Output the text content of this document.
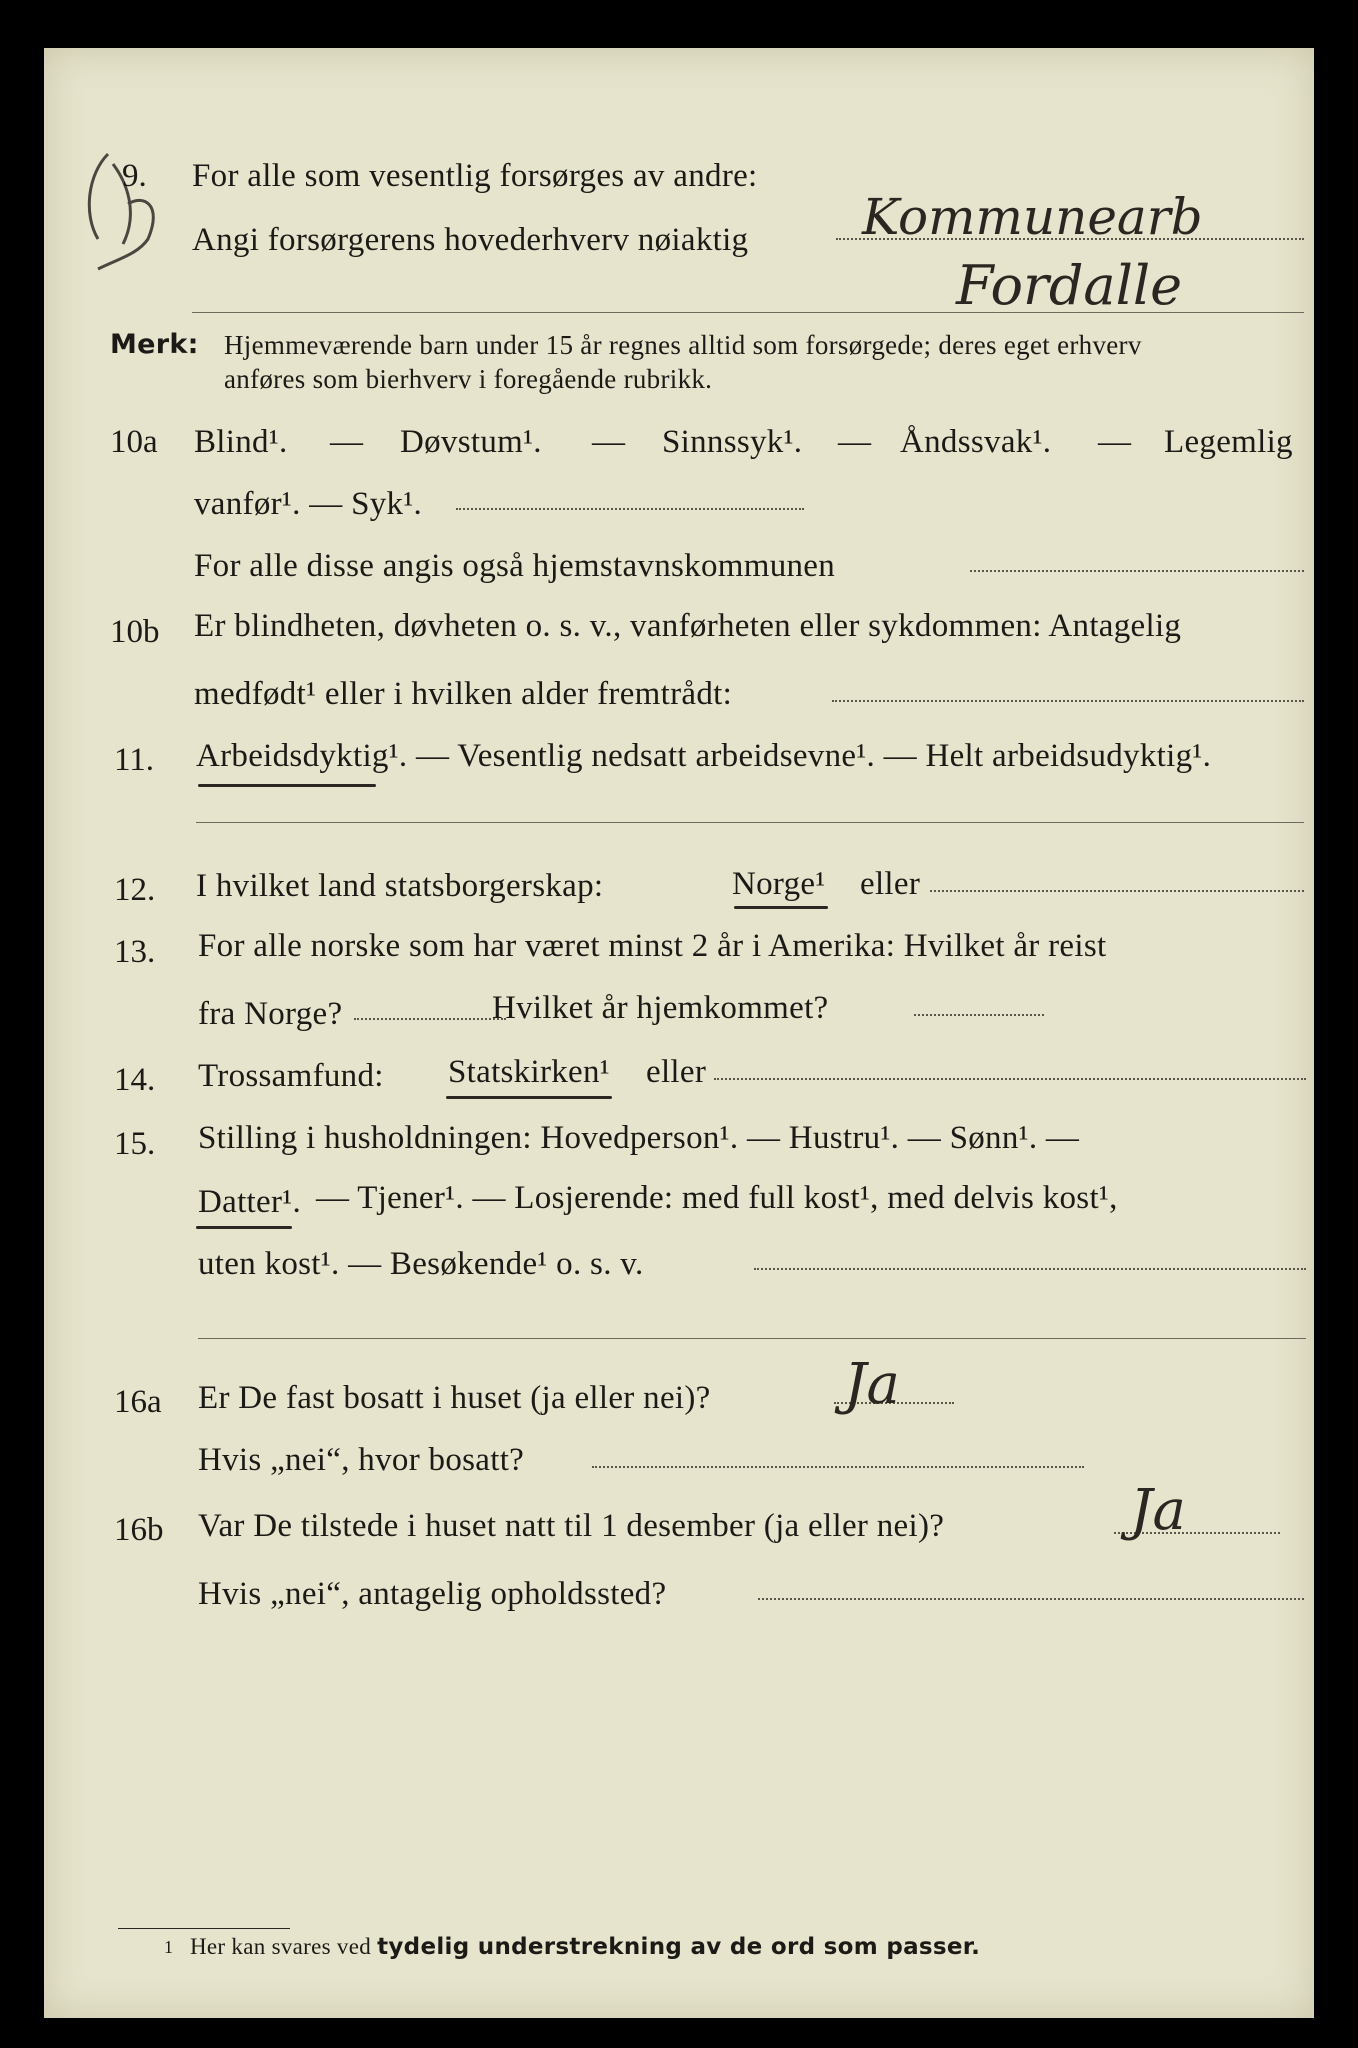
9. For alle som vesentlig forsørges av andre:
Angi forsørgerens hovederhverv nøiaktig Kommunearb
Fordalle
Merk: Hjemmeværende barn under 15 år regnes alltid som forsørgede; deres eget erhverv
anføres som bierhverv i foregående rubrikk.
10a Blind¹. — Døvstum¹. — Sinnssyk¹. — Åndssvak¹. — Legemlig
vanfør¹. — Syk¹.
For alle disse angis også hjemstavnskommunen
10b Er blindheten, døvheten o. s. v., vanførheten eller sykdommen: Antagelig
medfødt¹ eller i hvilken alder fremtrådt:
11. Arbeidsdyktig¹. — Vesentlig nedsatt arbeidsevne¹. — Helt arbeidsudyktig¹.
12. I hvilket land statsborgerskap:	Norge¹ eller
13. For alle norske som har været minst 2 år i Amerika: Hvilket år reist
fra Norge?	Hvilket år hjemkommet?
14. Trossamfund: Statskirken¹ eller
15. Stilling i husholdningen: Hovedperson¹. — Hustru¹. — Sønn¹. —
Datter¹. — Tjener¹. — Losjerende: med full kost¹, med delvis kost¹,
uten kost¹. — Besøkende¹ o. s. v.
16a Er De fast bosatt i huset (ja eller nei)? Ja
Hvis „nei“, hvor bosatt?
16b Var De tilstede i huset natt til 1 desember (ja eller nei)?	Ja
Hvis „nei“, antagelig opholdssted?
1 Her kan svares ved tydelig understrekning av de ord som passer.
